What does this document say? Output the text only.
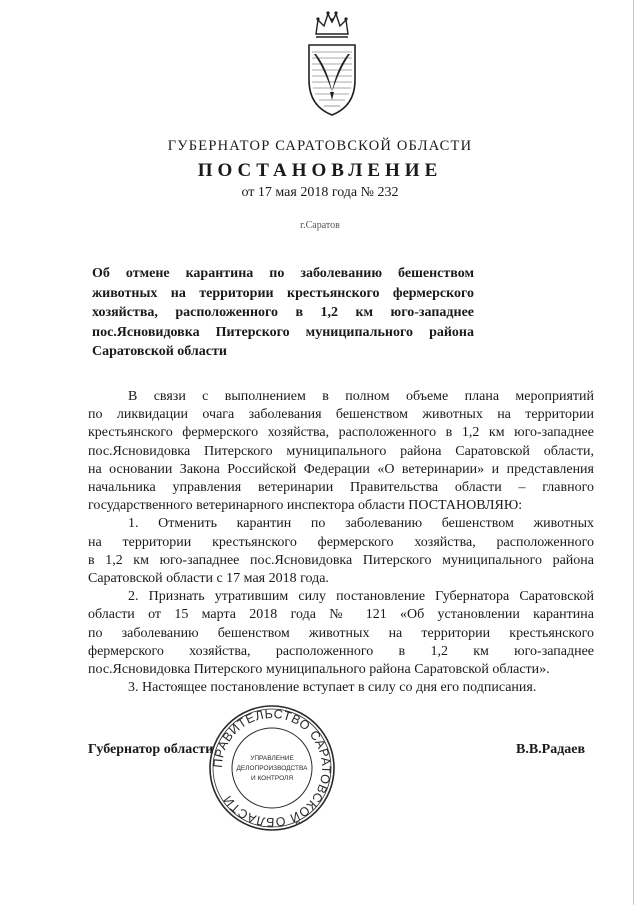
ГУБЕРНАТОР САРАТОВСКОЙ ОБЛАСТИ
ПОСТАНОВЛЕНИЕ
от 17 мая 2018 года № 232
г.Саратов
Об отмене карантина по заболеванию бешенством
животных на территории крестьянского фермерского
хозяйства, расположенного в 1,2 км юго-западнее
пос.Ясновидовка Питерского муниципального района
Саратовской области
В связи с выполнением в полном объеме плана мероприятий
по ликвидации очага заболевания бешенством животных на территории
крестьянского фермерского хозяйства, расположенного в 1,2 км юго-западнее
пос.Ясновидовка Питерского муниципального района Саратовской области,
на основании Закона Российской Федерации «О ветеринарии» и представления
начальника управления ветеринарии Правительства области – главного
государственного ветеринарного инспектора области ПОСТАНОВЛЯЮ:
1. Отменить карантин по заболеванию бешенством животных
на территории крестьянского фермерского хозяйства, расположенного
в 1,2 км юго-западнее пос.Ясновидовка Питерского муниципального района
Саратовской области с 17 мая 2018 года.
2. Признать утратившим силу постановление Губернатора Саратовской
области от 15 марта 2018 года № 121 «Об установлении карантина
по заболеванию бешенством животных на территории крестьянского
фермерского хозяйства, расположенного в 1,2 км юго-западнее
пос.Ясновидовка Питерского муниципального района Саратовской области».
3. Настоящее постановление вступает в силу со дня его подписания.
Губернатор области	В.В.Радаев
ПРАВИТЕЛЬСТВО САРАТОВСКОЙ ОБЛАСТИ
УПРАВЛЕНИЕ
ДЕЛОПРОИЗВОДСТВА
И КОНТРОЛЯ
